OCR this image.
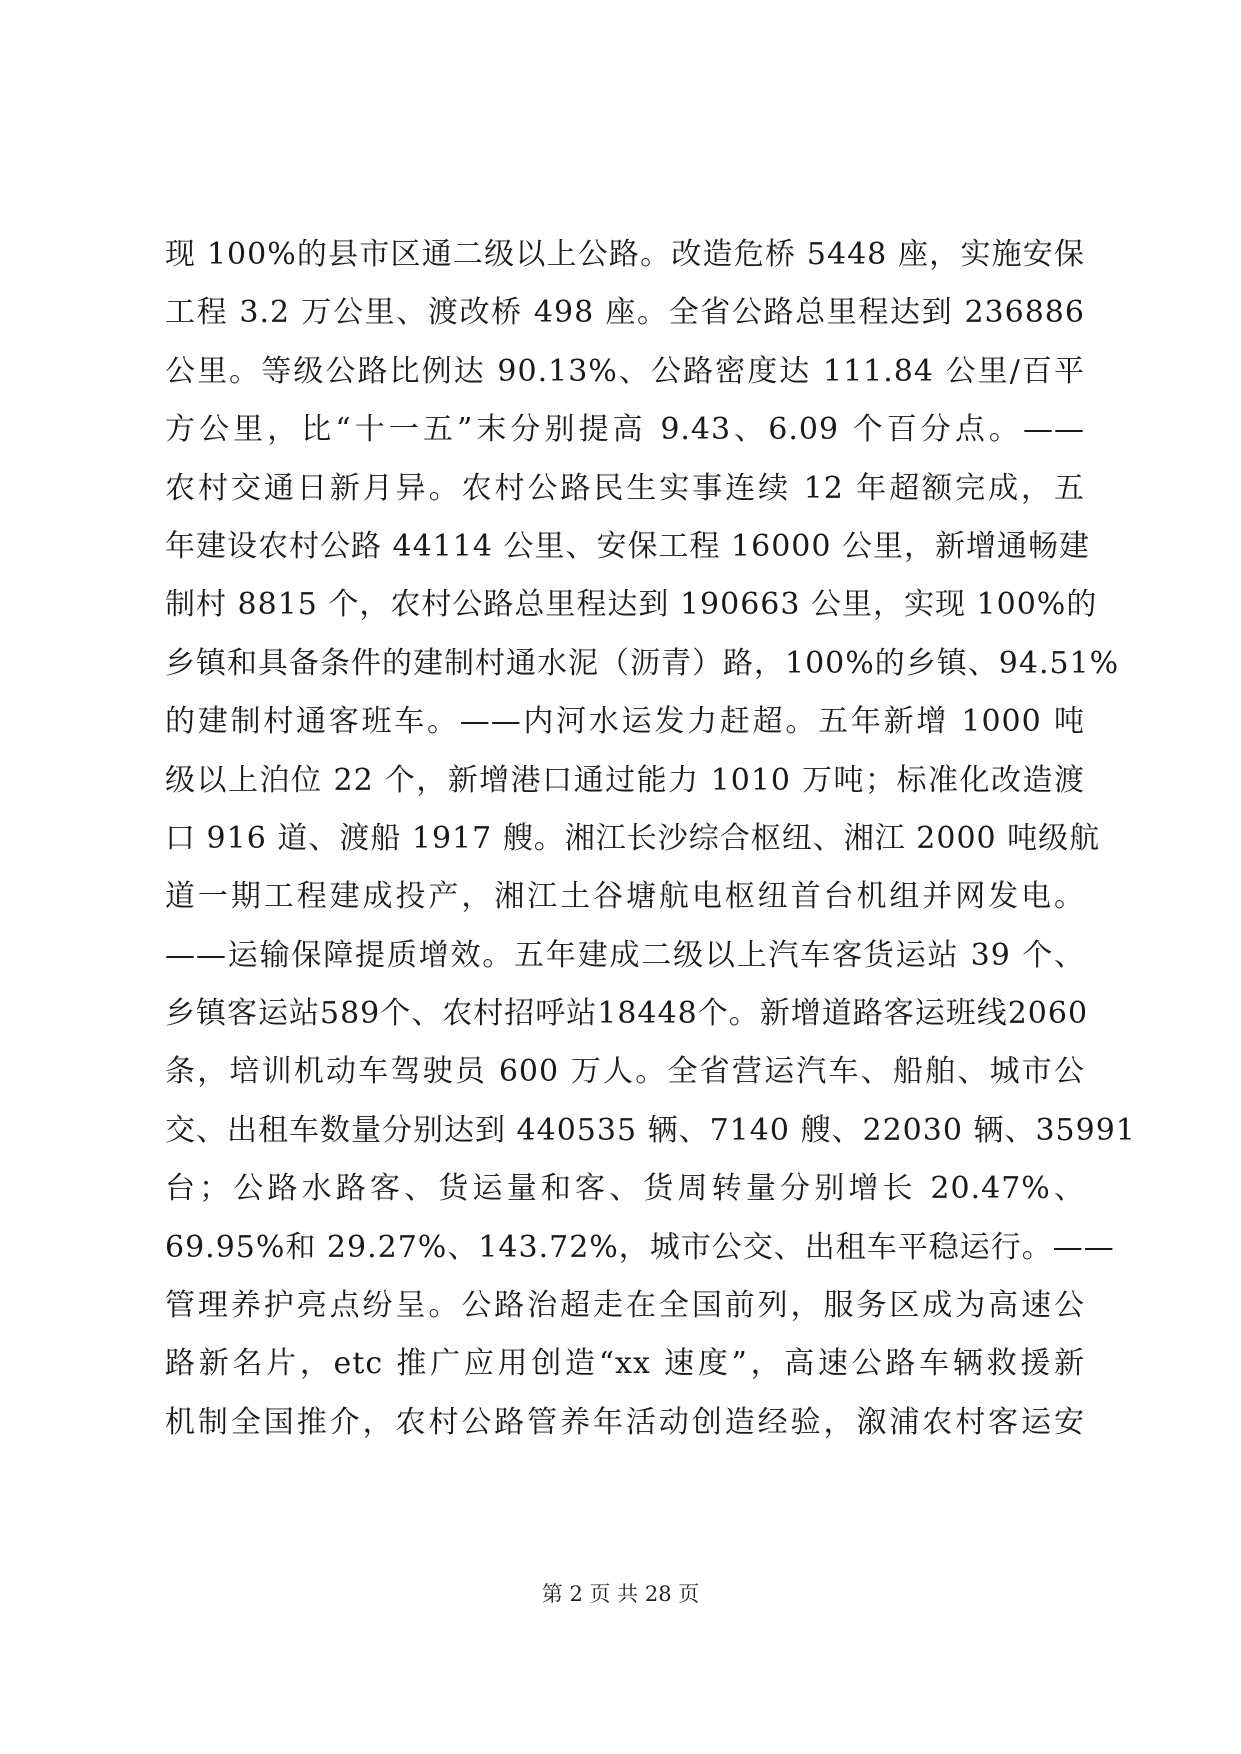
现 100%的县市区通二级以上公路。改造危桥 5448 座，实施安保
工程 3.2 万公里、渡改桥 498 座。全省公路总里程达到 236886
公里。等级公路比例达 90.13%、公路密度达 111.84 公里/百平
方公里，比“十一五”末分别提高 9.43、6.09 个百分点。——
农村交通日新月异。农村公路民生实事连续 12 年超额完成，五
年建设农村公路 44114 公里、安保工程 16000 公里，新增通畅建
制村 8815 个，农村公路总里程达到 190663 公里，实现 100%的
乡镇和具备条件的建制村通水泥（沥青）路，100%的乡镇、94.51%
的建制村通客班车。——内河水运发力赶超。五年新增 1000 吨
级以上泊位 22 个，新增港口通过能力 1010 万吨；标准化改造渡
口 916 道、渡船 1917 艘。湘江长沙综合枢纽、湘江 2000 吨级航
道一期工程建成投产，湘江土谷塘航电枢纽首台机组并网发电。
——运输保障提质增效。五年建成二级以上汽车客货运站 39 个、
乡镇客运站589个、农村招呼站18448个。新增道路客运班线2060
条，培训机动车驾驶员 600 万人。全省营运汽车、船舶、城市公
交、出租车数量分别达到 440535 辆、7140 艘、22030 辆、35991
台；公路水路客、货运量和客、货周转量分别增长 20.47%、
69.95%和 29.27%、143.72%，城市公交、出租车平稳运行。——
管理养护亮点纷呈。公路治超走在全国前列，服务区成为高速公
路新名片，etc 推广应用创造“xx 速度”，高速公路车辆救援新
机制全国推介，农村公路管养年活动创造经验，溆浦农村客运安
第 2 页 共 28 页
